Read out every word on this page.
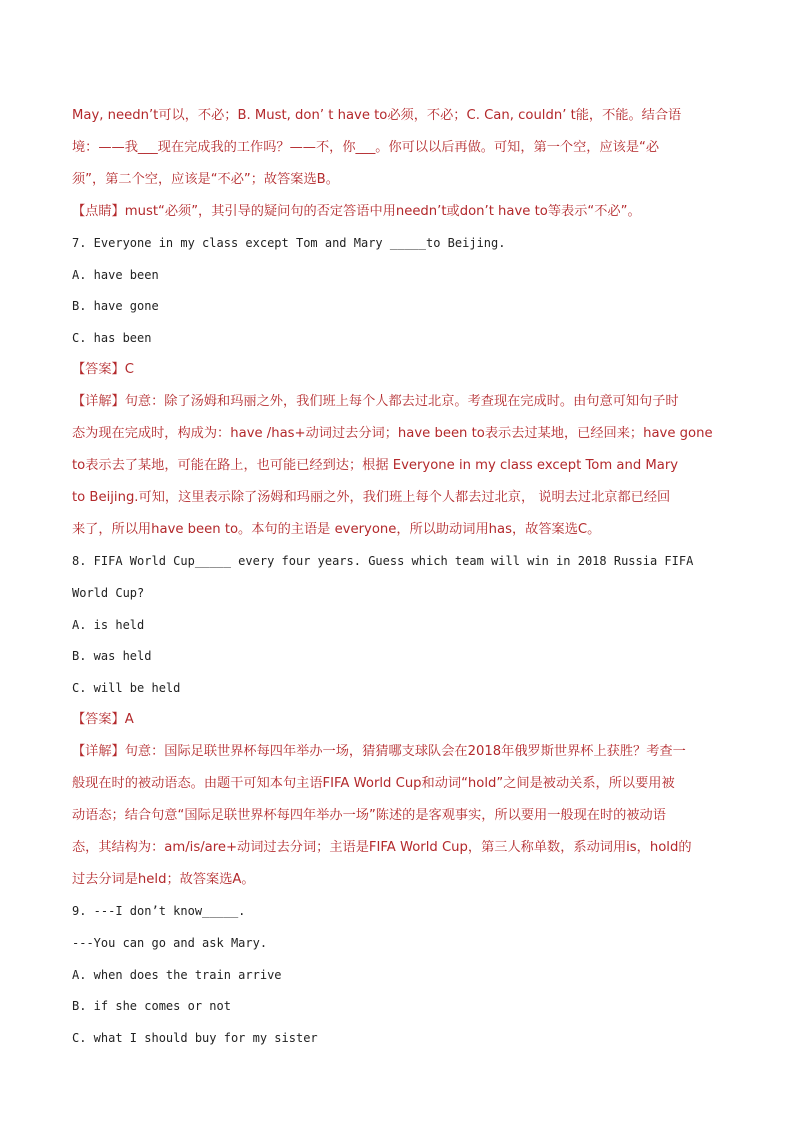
May, needn’t可以，不必；B. Must, don’ t have to必须，不必；C. Can, couldn’ t能，不能。结合语

境：——我___现在完成我的工作吗？——不，你___。你可以以后再做。可知，第一个空，应该是“必

须”，第二个空，应该是“不必”；故答案选B。

【点睛】must“必须”，其引导的疑问句的否定答语中用needn’t或don’t have to等表示“不必”。

7. Everyone in my class except Tom and Mary _____to Beijing.

A. have been

B. have gone

C. has been

【答案】C

【详解】句意：除了汤姆和玛丽之外，我们班上每个人都去过北京。考查现在完成时。由句意可知句子时

态为现在完成时，构成为：have /has+动词过去分词；have been to表示去过某地，已经回来；have gone

to表示去了某地，可能在路上，也可能已经到达；根据 Everyone in my class except Tom and Mary

to Beijing.可知，这里表示除了汤姆和玛丽之外，我们班上每个人都去过北京， 说明去过北京都已经回

来了，所以用have been to。本句的主语是 everyone，所以助动词用has，故答案选C。

8. FIFA World Cup_____ every four years. Guess which team will win in 2018 Russia FIFA World Cup?

A. is held

B. was held

C. will be held

【答案】A

【详解】句意：国际足联世界杯每四年举办一场，猜猜哪支球队会在2018年俄罗斯世界杯上获胜？考查一

般现在时的被动语态。由题干可知本句主语FIFA World Cup和动词“hold”之间是被动关系，所以要用被

动语态；结合句意“国际足联世界杯每四年举办一场”陈述的是客观事实，所以要用一般现在时的被动语

态，其结构为：am/is/are+动词过去分词；主语是FIFA World Cup，第三人称单数，系动词用is，hold的

过去分词是held；故答案选A。

9. ---I don’t know_____.

---You can go and ask Mary.

A. when does the train arrive

B. if she comes or not

C. what I should buy for my sister
